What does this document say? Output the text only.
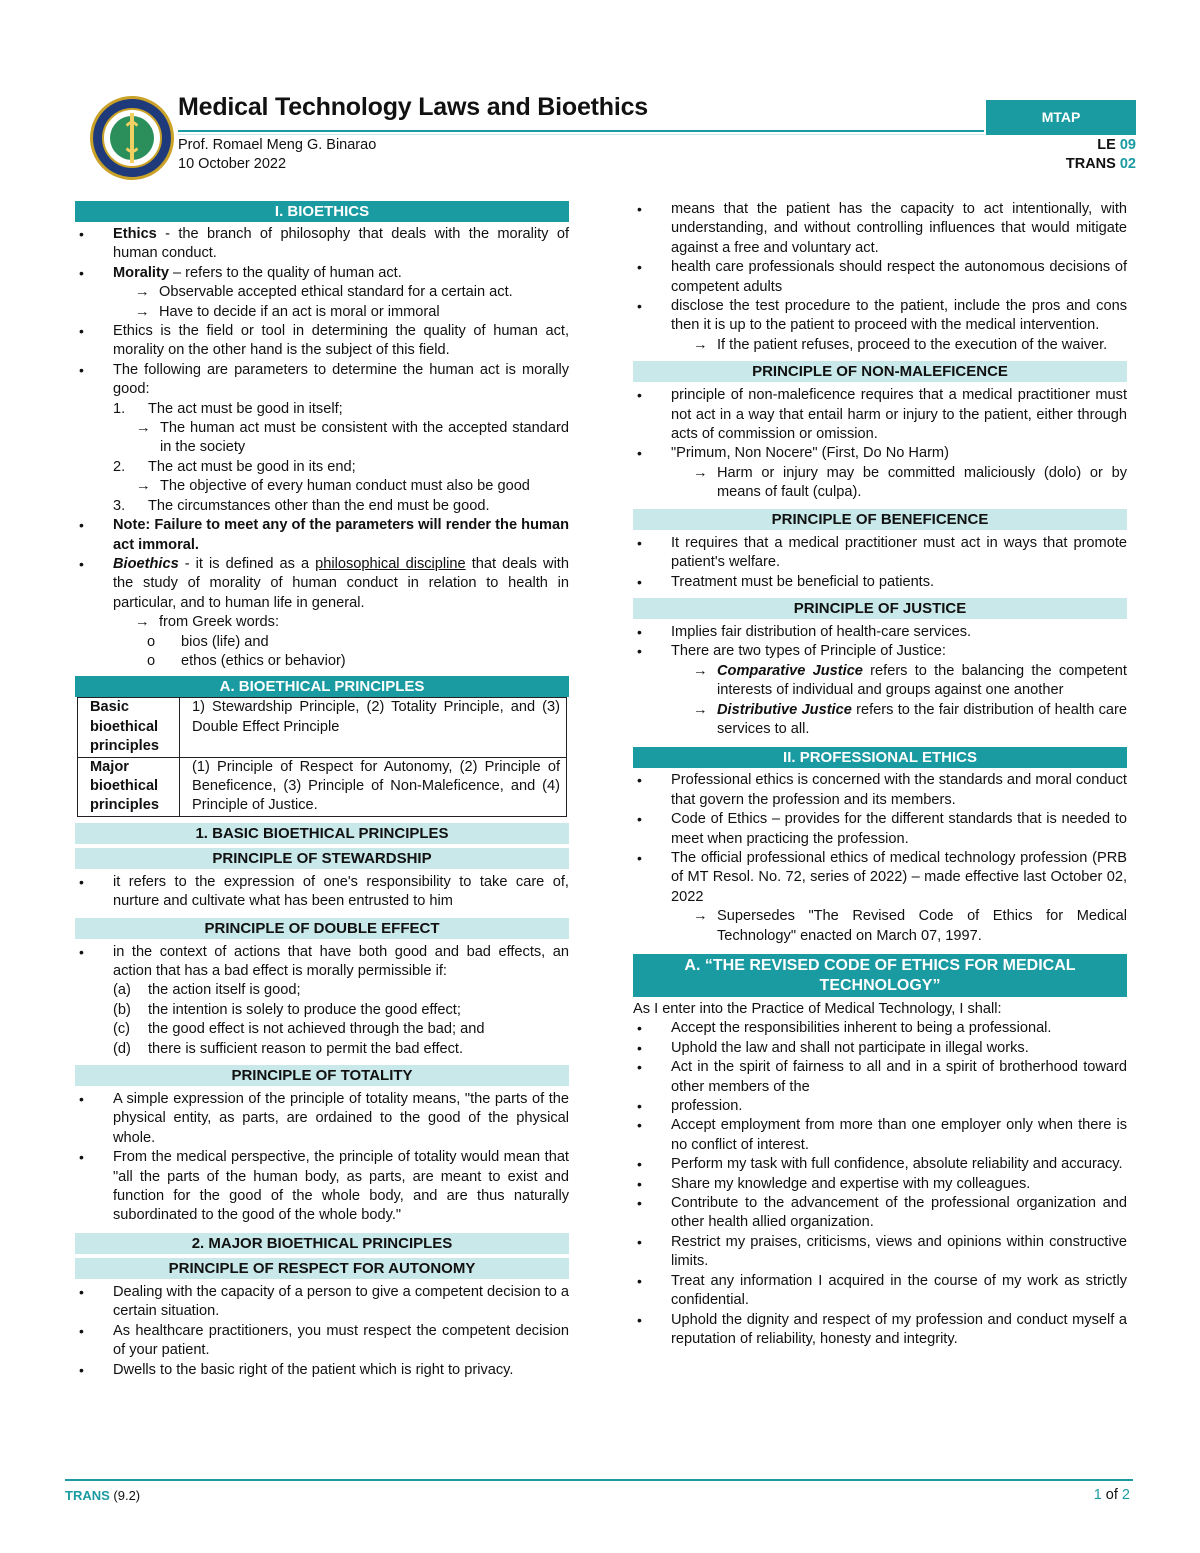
Medical Technology Laws and Bioethics
Prof. Romael Meng G. Binarao
10 October 2022
MTAP
LE 09
TRANS 02
I. BIOETHICS
• Ethics - the branch of philosophy that deals with the morality of human conduct.
• Morality – refers to the quality of human act.
→ Observable accepted ethical standard for a certain act.
→ Have to decide if an act is moral or immoral
• Ethics is the field or tool in determining the quality of human act, morality on the other hand is the subject of this field.
• The following are parameters to determine the human act is morally good:
1. The act must be good in itself;
→ The human act must be consistent with the accepted standard in the society
2. The act must be good in its end;
→ The objective of every human conduct must also be good
3. The circumstances other than the end must be good.
• Note: Failure to meet any of the parameters will render the human act immoral.
• Bioethics - it is defined as a philosophical discipline that deals with the study of morality of human conduct in relation to health in particular, and to human life in general.
→ from Greek words:
o bios (life) and
o ethos (ethics or behavior)
A. BIOETHICAL PRINCIPLES
Basic bioethical principles	1) Stewardship Principle, (2) Totality Principle, and (3) Double Effect Principle
Major bioethical principles	(1) Principle of Respect for Autonomy, (2) Principle of Beneficence, (3) Principle of Non-Maleficence, and (4) Principle of Justice.
1. BASIC BIOETHICAL PRINCIPLES
PRINCIPLE OF STEWARDSHIP
• it refers to the expression of one's responsibility to take care of, nurture and cultivate what has been entrusted to him
PRINCIPLE OF DOUBLE EFFECT
• in the context of actions that have both good and bad effects, an action that has a bad effect is morally permissible if:
(a) the action itself is good;
(b) the intention is solely to produce the good effect;
(c) the good effect is not achieved through the bad; and
(d) there is sufficient reason to permit the bad effect.
PRINCIPLE OF TOTALITY
• A simple expression of the principle of totality means, "the parts of the physical entity, as parts, are ordained to the good of the physical whole.
• From the medical perspective, the principle of totality would mean that "all the parts of the human body, as parts, are meant to exist and function for the good of the whole body, and are thus naturally subordinated to the good of the whole body."
2. MAJOR BIOETHICAL PRINCIPLES
PRINCIPLE OF RESPECT FOR AUTONOMY
• Dealing with the capacity of a person to give a competent decision to a certain situation.
• As healthcare practitioners, you must respect the competent decision of your patient.
• Dwells to the basic right of the patient which is right to privacy.
• means that the patient has the capacity to act intentionally, with understanding, and without controlling influences that would mitigate against a free and voluntary act.
• health care professionals should respect the autonomous decisions of competent adults
• disclose the test procedure to the patient, include the pros and cons then it is up to the patient to proceed with the medical intervention.
→ If the patient refuses, proceed to the execution of the waiver.
PRINCIPLE OF NON-MALEFICENCE
• principle of non-maleficence requires that a medical practitioner must not act in a way that entail harm or injury to the patient, either through acts of commission or omission.
• "Primum, Non Nocere" (First, Do No Harm)
→ Harm or injury may be committed maliciously (dolo) or by means of fault (culpa).
PRINCIPLE OF BENEFICENCE
• It requires that a medical practitioner must act in ways that promote patient's welfare.
• Treatment must be beneficial to patients.
PRINCIPLE OF JUSTICE
• Implies fair distribution of health-care services.
• There are two types of Principle of Justice:
→ Comparative Justice refers to the balancing the competent interests of individual and groups against one another
→ Distributive Justice refers to the fair distribution of health care services to all.
II. PROFESSIONAL ETHICS
• Professional ethics is concerned with the standards and moral conduct that govern the profession and its members.
• Code of Ethics – provides for the different standards that is needed to meet when practicing the profession.
• The official professional ethics of medical technology profession (PRB of MT Resol. No. 72, series of 2022) – made effective last October 02, 2022
→ Supersedes "The Revised Code of Ethics for Medical Technology" enacted on March 07, 1997.
A. “THE REVISED CODE OF ETHICS FOR MEDICAL
TECHNOLOGY”
As I enter into the Practice of Medical Technology, I shall:
• Accept the responsibilities inherent to being a professional.
• Uphold the law and shall not participate in illegal works.
• Act in the spirit of fairness to all and in a spirit of brotherhood toward other members of the
• profession.
• Accept employment from more than one employer only when there is no conflict of interest.
• Perform my task with full confidence, absolute reliability and accuracy.
• Share my knowledge and expertise with my colleagues.
• Contribute to the advancement of the professional organization and other health allied organization.
• Restrict my praises, criticisms, views and opinions within constructive limits.
• Treat any information I acquired in the course of my work as strictly confidential.
• Uphold the dignity and respect of my profession and conduct myself a reputation of reliability, honesty and integrity.
TRANS (9.2)	1 of 2
